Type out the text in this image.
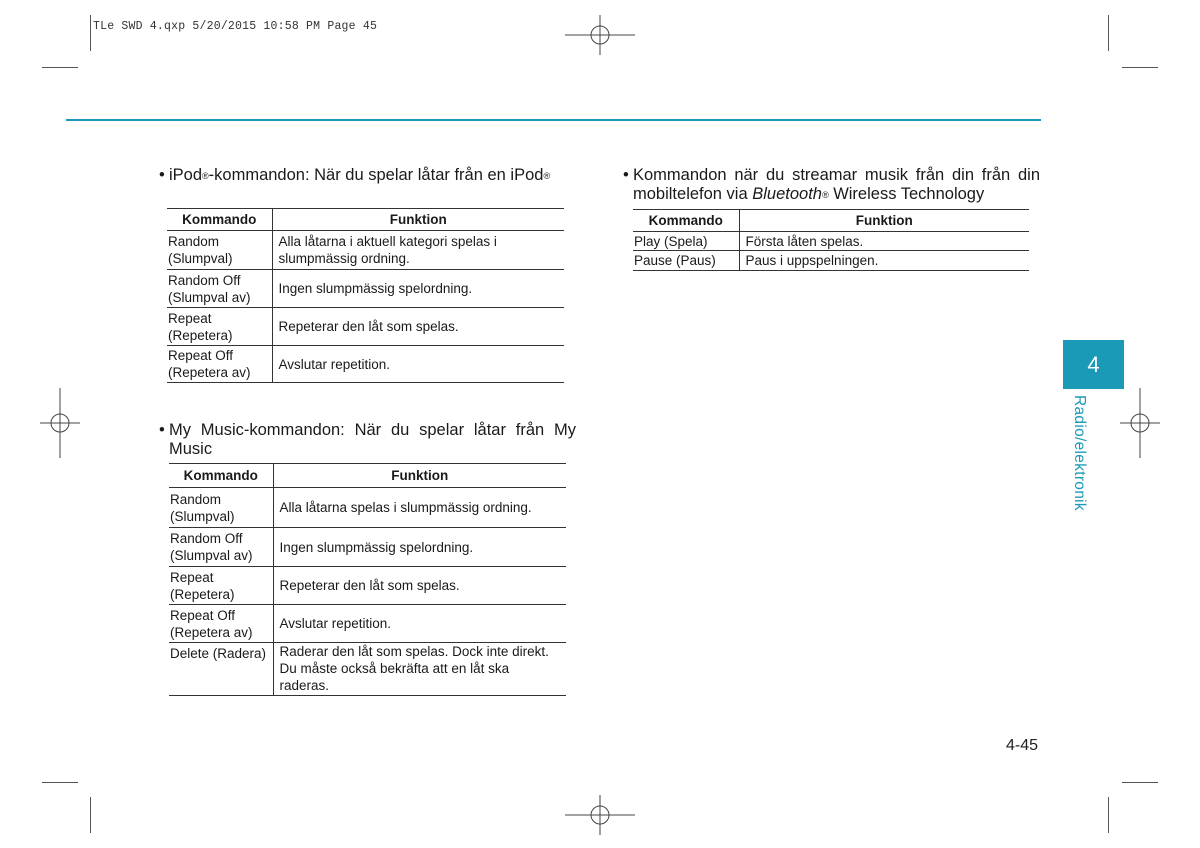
TLe SWD 4.qxp 5/20/2015 10:58 PM Page 45
• iPod®-kommandon: När du spelar låtar från en iPod®
Kommando	Funktion
Random
(Slumpval)	Alla låtarna i aktuell kategori spelas i
slumpmässig ordning.
Random Off
(Slumpval av)	Ingen slumpmässig spelordning.
Repeat
(Repetera)	Repeterar den låt som spelas.
Repeat Off
(Repetera av)	Avslutar repetition.
• My Music-kommandon: När du spelar låtar från My Music
Kommando	Funktion
Random
(Slumpval)	Alla låtarna spelas i slumpmässig ordning.
Random Off
(Slumpval av)	Ingen slumpmässig spelordning.
Repeat
(Repetera)	Repeterar den låt som spelas.
Repeat Off
(Repetera av)	Avslutar repetition.
Delete (Radera)	Raderar den låt som spelas. Dock inte direkt.
Du måste också bekräfta att en låt ska
raderas.
• Kommandon när du streamar musik från din från din mobiltelefon via Bluetooth® Wireless Technology
Kommando	Funktion
Play (Spela)	Första låten spelas.
Pause (Paus)	Paus i uppspelningen.
4
Radio/elektronik
4-45
